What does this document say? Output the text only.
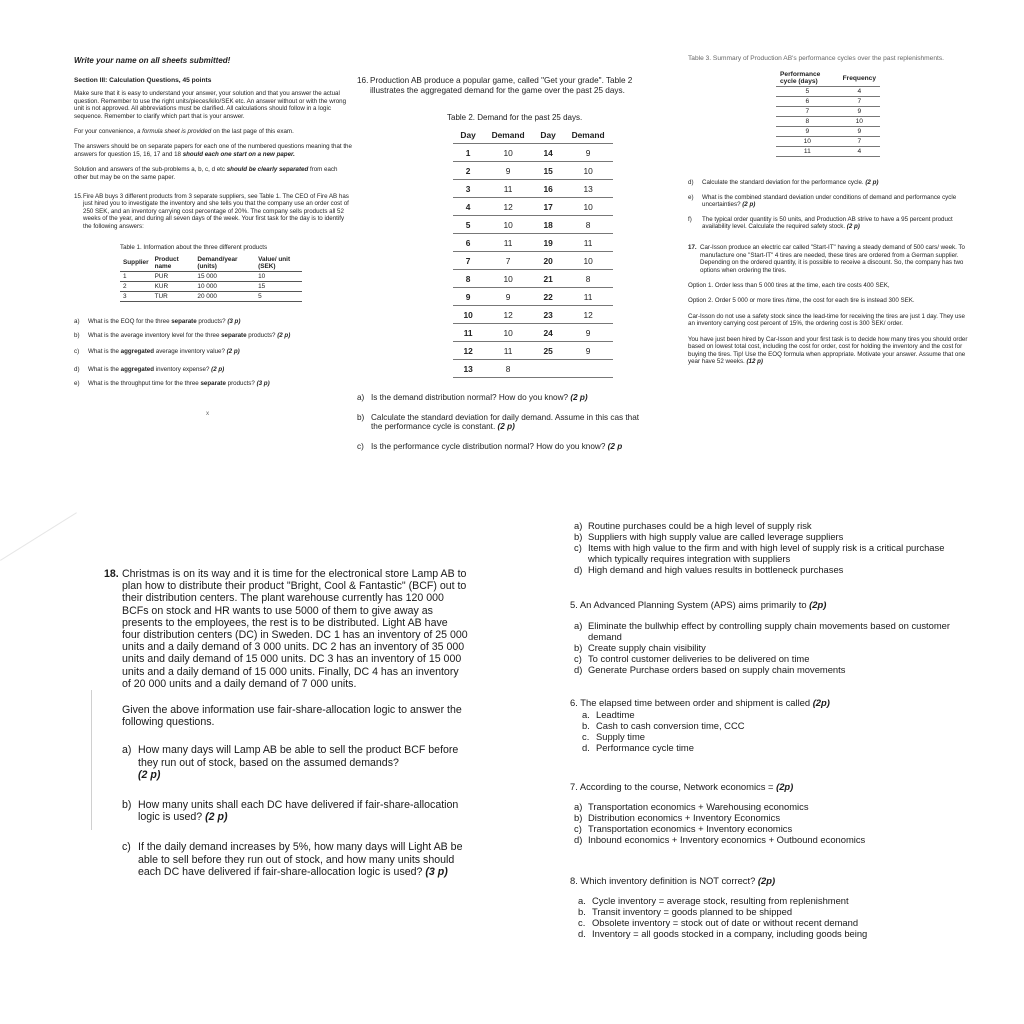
Write your name on all sheets submitted!

Section III: Calculation Questions, 45 points

Make sure that it is easy to understand your answer, your solution and that you answer the actual question. Remember to use the right units/pieces/kilo/SEK etc. An answer without or with the wrong unit is not approved. All abbreviations must be clarified. All calculations should follow in a logic sequence. Remember to clarify which part that is your answer.

For your convenience, a formula sheet is provided on the last page of this exam.

The answers should be on separate papers for each one of the numbered questions meaning that the answers for question 15, 16, 17 and 18 should each one start on a new paper.

Solution and answers of the sub-problems a, b, c, d etc should be clearly separated from each other but may be on the same paper.

15. Fire AB buys 3 different products from 3 separate suppliers, see Table 1. The CEO of Fire AB has just hired you to investigate the inventory and she tells you that the company use an order cost of 250 SEK, and an inventory carrying cost percentage of 20%. The company sells products all 52 weeks of the year, and during all seven days of the week. Your first task for the day is to identify the following answers:

Table 1. Information about the three different products

Supplier	Product name	Demand/year (units)	Value/ unit (SEK)
1	PUR	15 000	10
2	KUR	10 000	15
3	TUR	20 000	5
a)	What is the EOQ for the three separate products? (3 p)
b)	What is the average inventory level for the three separate products? (2 p)
c)	What is the aggregated average inventory value? (2 p)
d)	What is the aggregated inventory expense? (2 p)
e)	What is the throughput time for the three separate products? (3 p)

x

16. Production AB produce a popular game, called "Get your grade". Table 2 illustrates the aggregated demand for the game over the past 25 days.

Table 2. Demand for the past 25 days.

Day	Demand	Day	Demand
1	10	14	9
2	9	15	10
3	11	16	13
4	12	17	10
5	10	18	8
6	11	19	11
7	7	20	10
8	10	21	8
9	9	22	11
10	12	23	12
11	10	24	9
12	11	25	9
13	8		
a) Is the demand distribution normal? How do you know? (2 p)
b) Calculate the standard deviation for daily demand. Assume in this cas that the performance cycle is constant. (2 p)
c) Is the performance cycle distribution normal? How do you know? (2 p

Table 3. Summary of Production AB's performance cycles over the past replenishments.

Performance cycle (days)	Frequency
5	4
6	7
7	9
8	10
9	9
10	7
11	4
d)	Calculate the standard deviation for the performance cycle. (2 p)
e)	What is the combined standard deviation under conditions of demand and performance cycle uncertainties? (2 p)
f)	The typical order quantity is 50 units, and Production AB strive to have a 95 percent product availability level. Calculate the required safety stock. (2 p)
17. Car-Isson produce an electric car called "Start-IT" having a steady demand of 500 cars/ week. To manufacture one "Start-IT" 4 tires are needed, these tires are ordered from a German supplier. Depending on the ordered quantity, it is possible to receive a discount. So, the company has two options when ordering the tires.

Option 1. Order less than 5 000 tires at the time, each tire costs 400 SEK,

Option 2. Order 5 000 or more tires /time, the cost for each tire is instead 300 SEK.

Car-Isson do not use a safety stock since the lead-time for receiving the tires are just 1 day. They use an inventory carrying cost percent of 15%, the ordering cost is 300 SEK/ order.

You have just been hired by Car-Isson and your first task is to decide how many tires you should order based on lowest total cost, including the cost for order, cost for holding the inventory and the cost for buying the tires. Tip! Use the EOQ formula when appropriate. Motivate your answer. Assume that one year have 52 weeks. (12 p)

18. Christmas is on its way and it is time for the electronical store Lamp AB to plan how to distribute their product "Bright, Cool & Fantastic" (BCF) out to their distribution centers. The plant warehouse currently has 120 000 BCFs on stock and HR wants to use 5000 of them to give away as presents to the employees, the rest is to be distributed. Light AB have four distribution centers (DC) in Sweden. DC 1 has an inventory of 25 000 units and a daily demand of 3 000 units. DC 2 has an inventory of 35 000 units and daily demand of 15 000 units. DC 3 has an inventory of 15 000 units and a daily demand of 15 000 units. Finally, DC 4 has an inventory of 20 000 units and a daily demand of 7 000 units.

Given the above information use fair-share-allocation logic to answer the following questions.

a) How many days will Lamp AB be able to sell the product BCF before they run out of stock, based on the assumed demands?
(2 p)
b) How many units shall each DC have delivered if fair-share-allocation logic is used? (2 p)
c) If the daily demand increases by 5%, how many days will Light AB be able to sell before they run out of stock, and how many units should each DC have delivered if fair-share-allocation logic is used? (3 p)
a) Routine purchases could be a high level of supply risk
b) Suppliers with high supply value are called leverage suppliers
c) Items with high value to the firm and with high level of supply risk is a critical purchase which typically requires integration with suppliers
d) High demand and high values results in bottleneck purchases

5. An Advanced Planning System (APS) aims primarily to (2p)

a) Eliminate the bullwhip effect by controlling supply chain movements based on customer demand
b) Create supply chain visibility
c) To control customer deliveries to be delivered on time
d) Generate Purchase orders based on supply chain movements

6. The elapsed time between order and shipment is called (2p)

a. Leadtime
b. Cash to cash conversion time, CCC
c. Supply time
d. Performance cycle time

7. According to the course, Network economics = (2p)

a) Transportation economics + Warehousing economics
b) Distribution economics + Inventory Economics
c) Transportation economics + Inventory economics
d) Inbound economics + Inventory economics + Outbound economics

8. Which inventory definition is NOT correct? (2p)

a. Cycle inventory = average stock, resulting from replenishment
b. Transit inventory = goods planned to be shipped
c. Obsolete inventory = stock out of date or without recent demand
d. Inventory = all goods stocked in a company, including goods being
